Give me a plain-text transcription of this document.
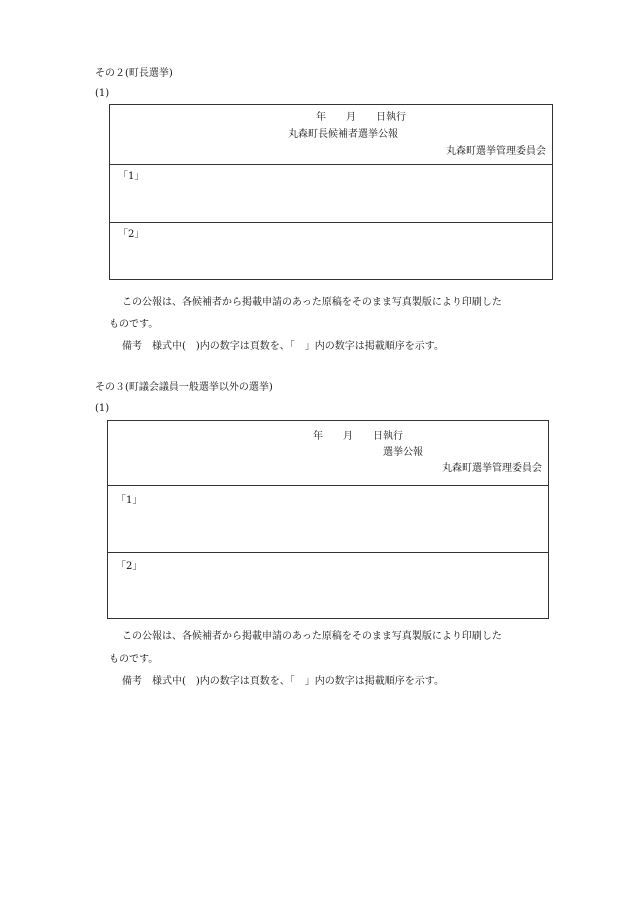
その２(町長選挙)
(1)
年　　月　　日執行
丸森町長候補者選挙公報
丸森町選挙管理委員会
「1」
「2」
この公報は、各候補者から掲載申請のあった原稿をそのまま写真製版により印刷した
ものです。
備考　様式中(　)内の数字は頁数を、「　」内の数字は掲載順序を示す。
その３(町議会議員一般選挙以外の選挙)
(1)
年　　月　　日執行
選挙公報
丸森町選挙管理委員会
「1」
「2」
この公報は、各候補者から掲載申請のあった原稿をそのまま写真製版により印刷した
ものです。
備考　様式中(　)内の数字は頁数を、「　」内の数字は掲載順序を示す。
